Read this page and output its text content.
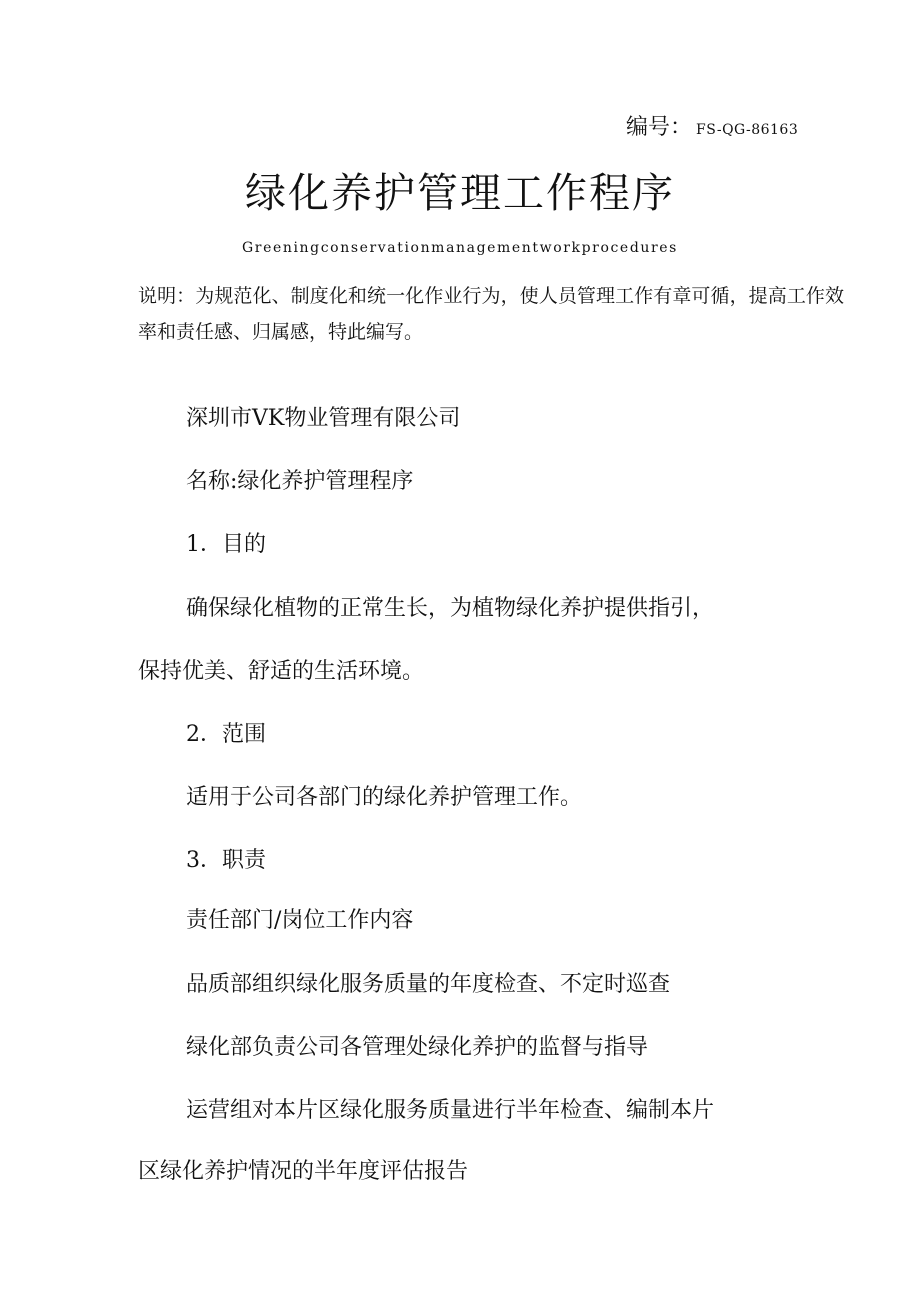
编号： FS-QG-86163
绿化养护管理工作程序
Greeningconservationmanagementworkprocedures
说明：为规范化、制度化和统一化作业行为，使人员管理工作有章可循，提高工作效率和责任感、归属感，特此编写。
深圳市VK物业管理有限公司
名称:绿化养护管理程序
1．目的
确保绿化植物的正常生长，为植物绿化养护提供指引，
保持优美、舒适的生活环境。
2．范围
适用于公司各部门的绿化养护管理工作。
3．职责
责任部门/岗位工作内容
品质部组织绿化服务质量的年度检查、不定时巡查
绿化部负责公司各管理处绿化养护的监督与指导
运营组对本片区绿化服务质量进行半年检查、编制本片
区绿化养护情况的半年度评估报告
